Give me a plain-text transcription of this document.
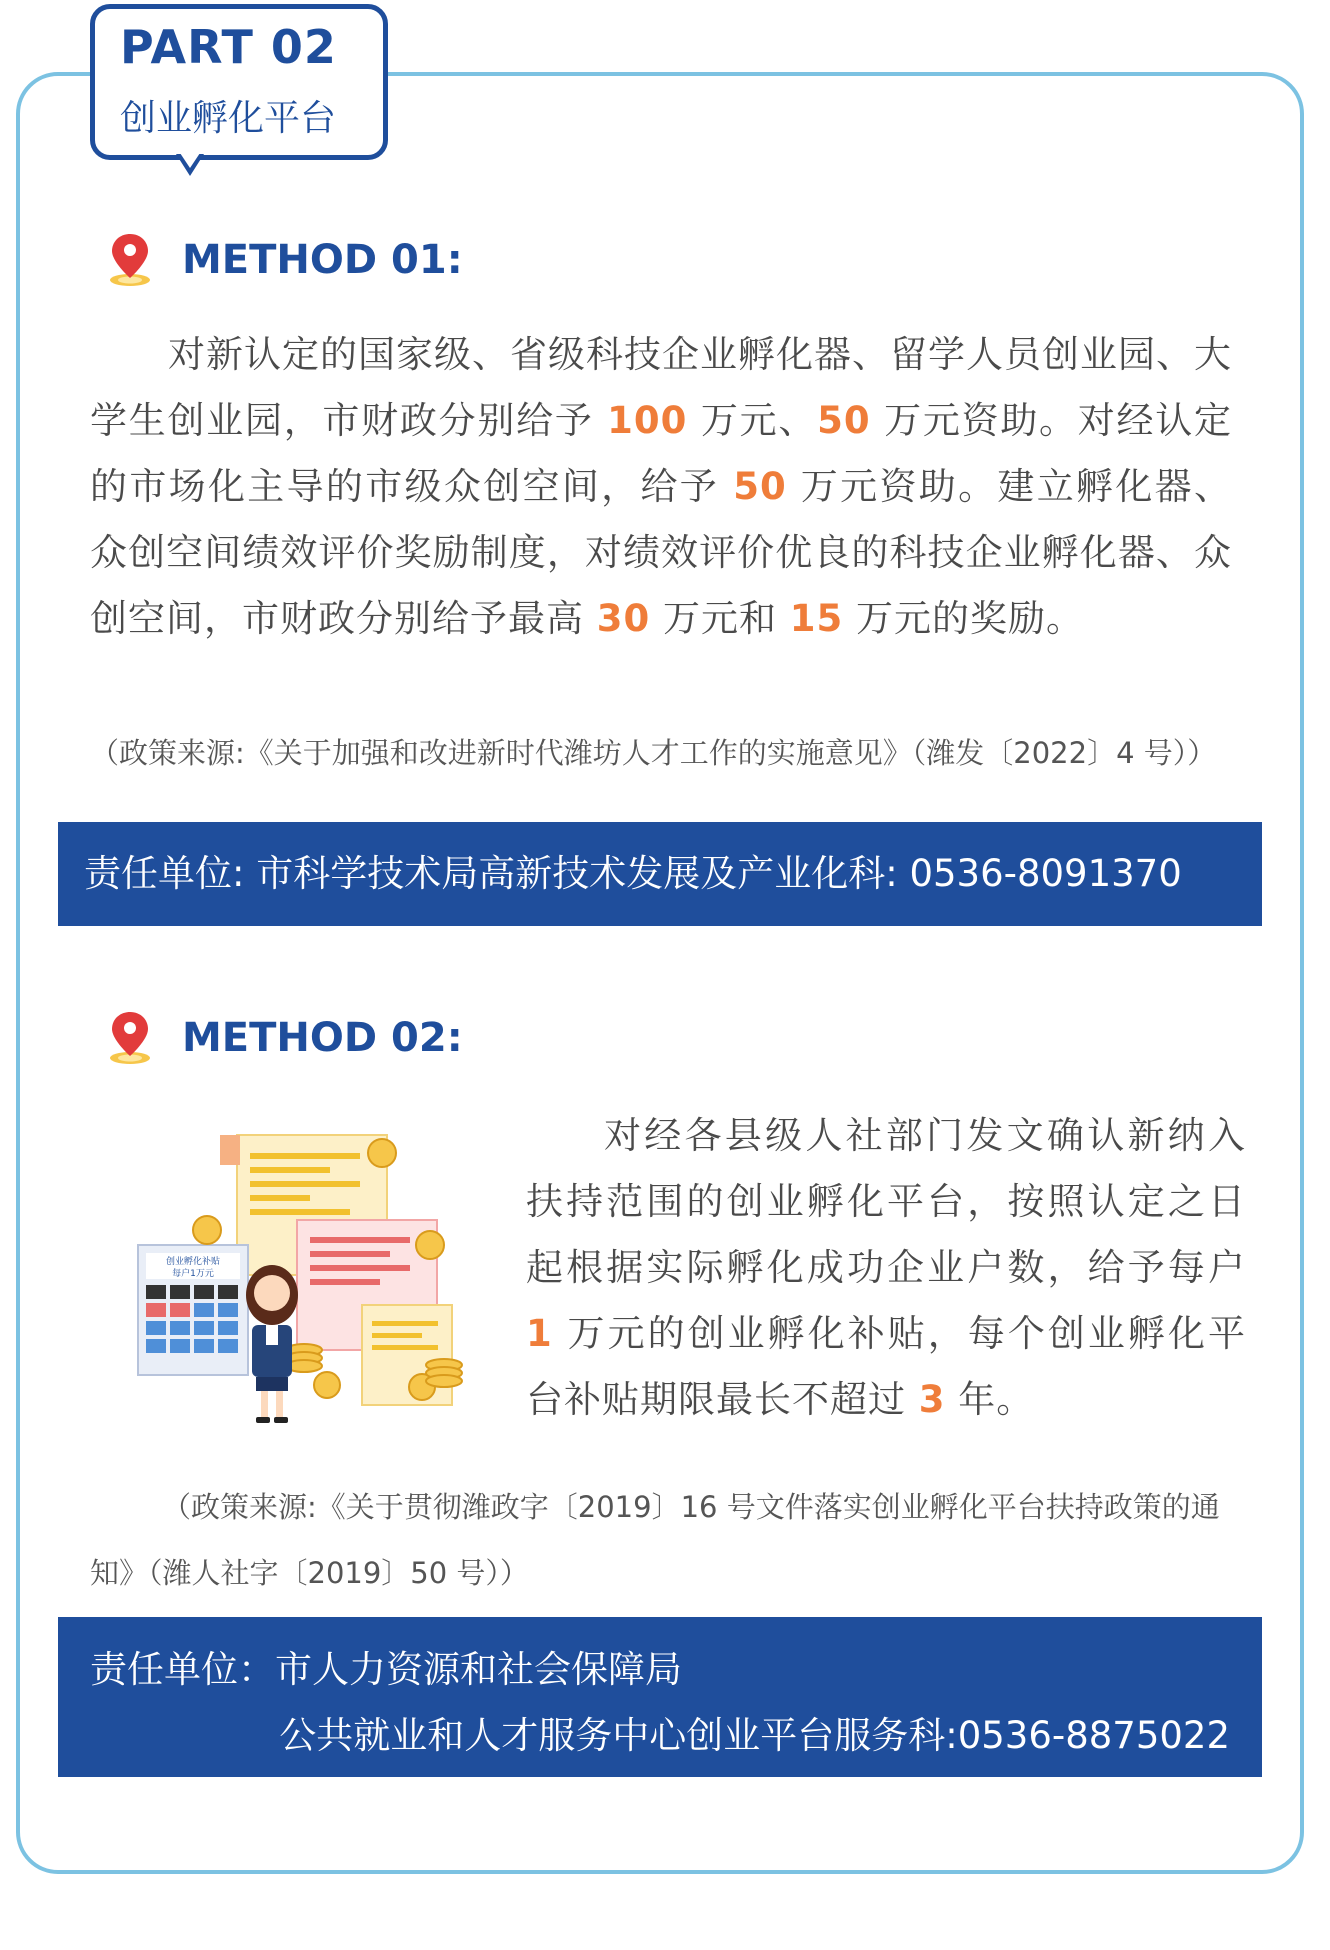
PART 02
创业孵化平台
METHOD 01:
对新认定的国家级、省级科技企业孵化器、留学人员创业园、大学生创业园，市财政分别给予 100 万元、50 万元资助。对经认定的市场化主导的市级众创空间，给予 50 万元资助。建立孵化器、众创空间绩效评价奖励制度，对绩效评价优良的科技企业孵化器、众创空间，市财政分别给予最高 30 万元和 15 万元的奖励。
（政策来源:《关于加强和改进新时代潍坊人才工作的实施意见》（潍发〔2022〕4 号））
责任单位: 市科学技术局高新技术发展及产业化科: 0536-8091370
METHOD 02:
创业孵化补贴
每户1万元
对经各县级人社部门发文确认新纳入扶持范围的创业孵化平台，按照认定之日起根据实际孵化成功企业户数，给予每户 1 万元的创业孵化补贴，每个创业孵化平台补贴期限最长不超过 3 年。
（政策来源:《关于贯彻潍政字〔2019〕16 号文件落实创业孵化平台扶持政策的通知》（潍人社字〔2019〕50 号））
责任单位：市人力资源和社会保障局
公共就业和人才服务中心创业平台服务科:0536-8875022
